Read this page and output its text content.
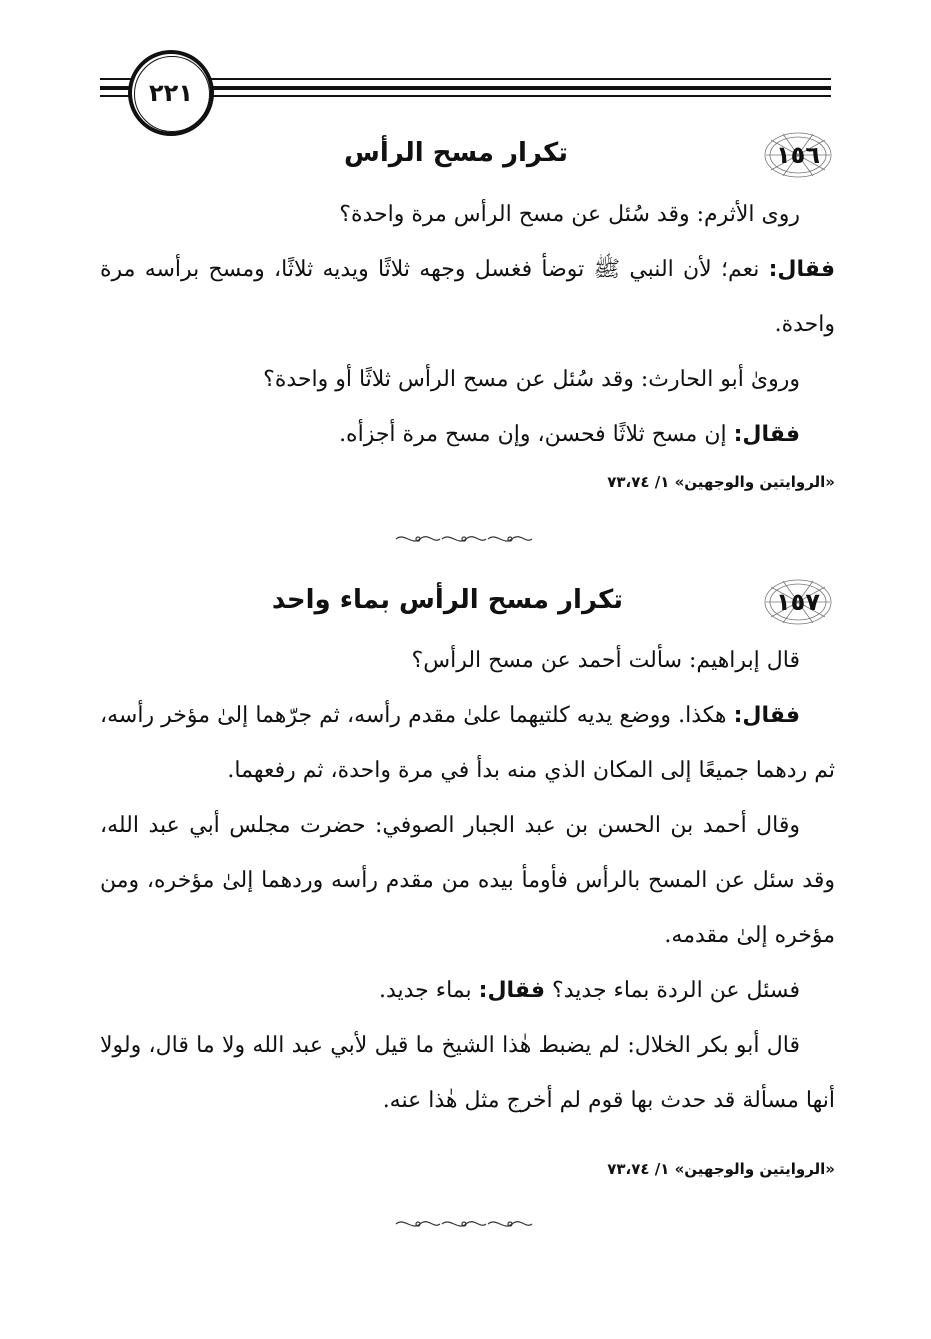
٢٢١
١٥٦
تكرار مسح الرأس

روى الأثرم: وقد سُئل عن مسح الرأس مرة واحدة؟

فقال: نعم؛ لأن النبي ﷺ توضأ فغسل وجهه ثلاثًا ويديه ثلاثًا، ومسح برأسه مرة واحدة.

ورویٰ أبو الحارث: وقد سُئل عن مسح الرأس ثلاثًا أو واحدة؟

فقال: إن مسح ثلاثًا فحسن، وإن مسح مرة أجزأه.

«الروايتين والوجهين» ١/ ٧٣،٧٤
١٥٧
تكرار مسح الرأس بماء واحد

قال إبراهيم: سألت أحمد عن مسح الرأس؟

فقال: هكذا. ووضع يديه كلتيهما علىٰ مقدم رأسه، ثم جرّهما إلىٰ مؤخر رأسه، ثم ردهما جميعًا إلى المكان الذي منه بدأ في مرة واحدة، ثم رفعهما.

وقال أحمد بن الحسن بن عبد الجبار الصوفي: حضرت مجلس أبي عبد الله، وقد سئل عن المسح بالرأس فأومأ بيده من مقدم رأسه وردهما إلىٰ مؤخره، ومن مؤخره إلىٰ مقدمه.

فسئل عن الردة بماء جديد؟ فقال: بماء جديد.

قال أبو بكر الخلال: لم يضبط هٰذا الشيخ ما قيل لأبي عبد الله ولا ما قال، ولولا أنها مسألة قد حدث بها قوم لم أخرج مثل هٰذا عنه.

«الروايتين والوجهين» ١/ ٧٣،٧٤
